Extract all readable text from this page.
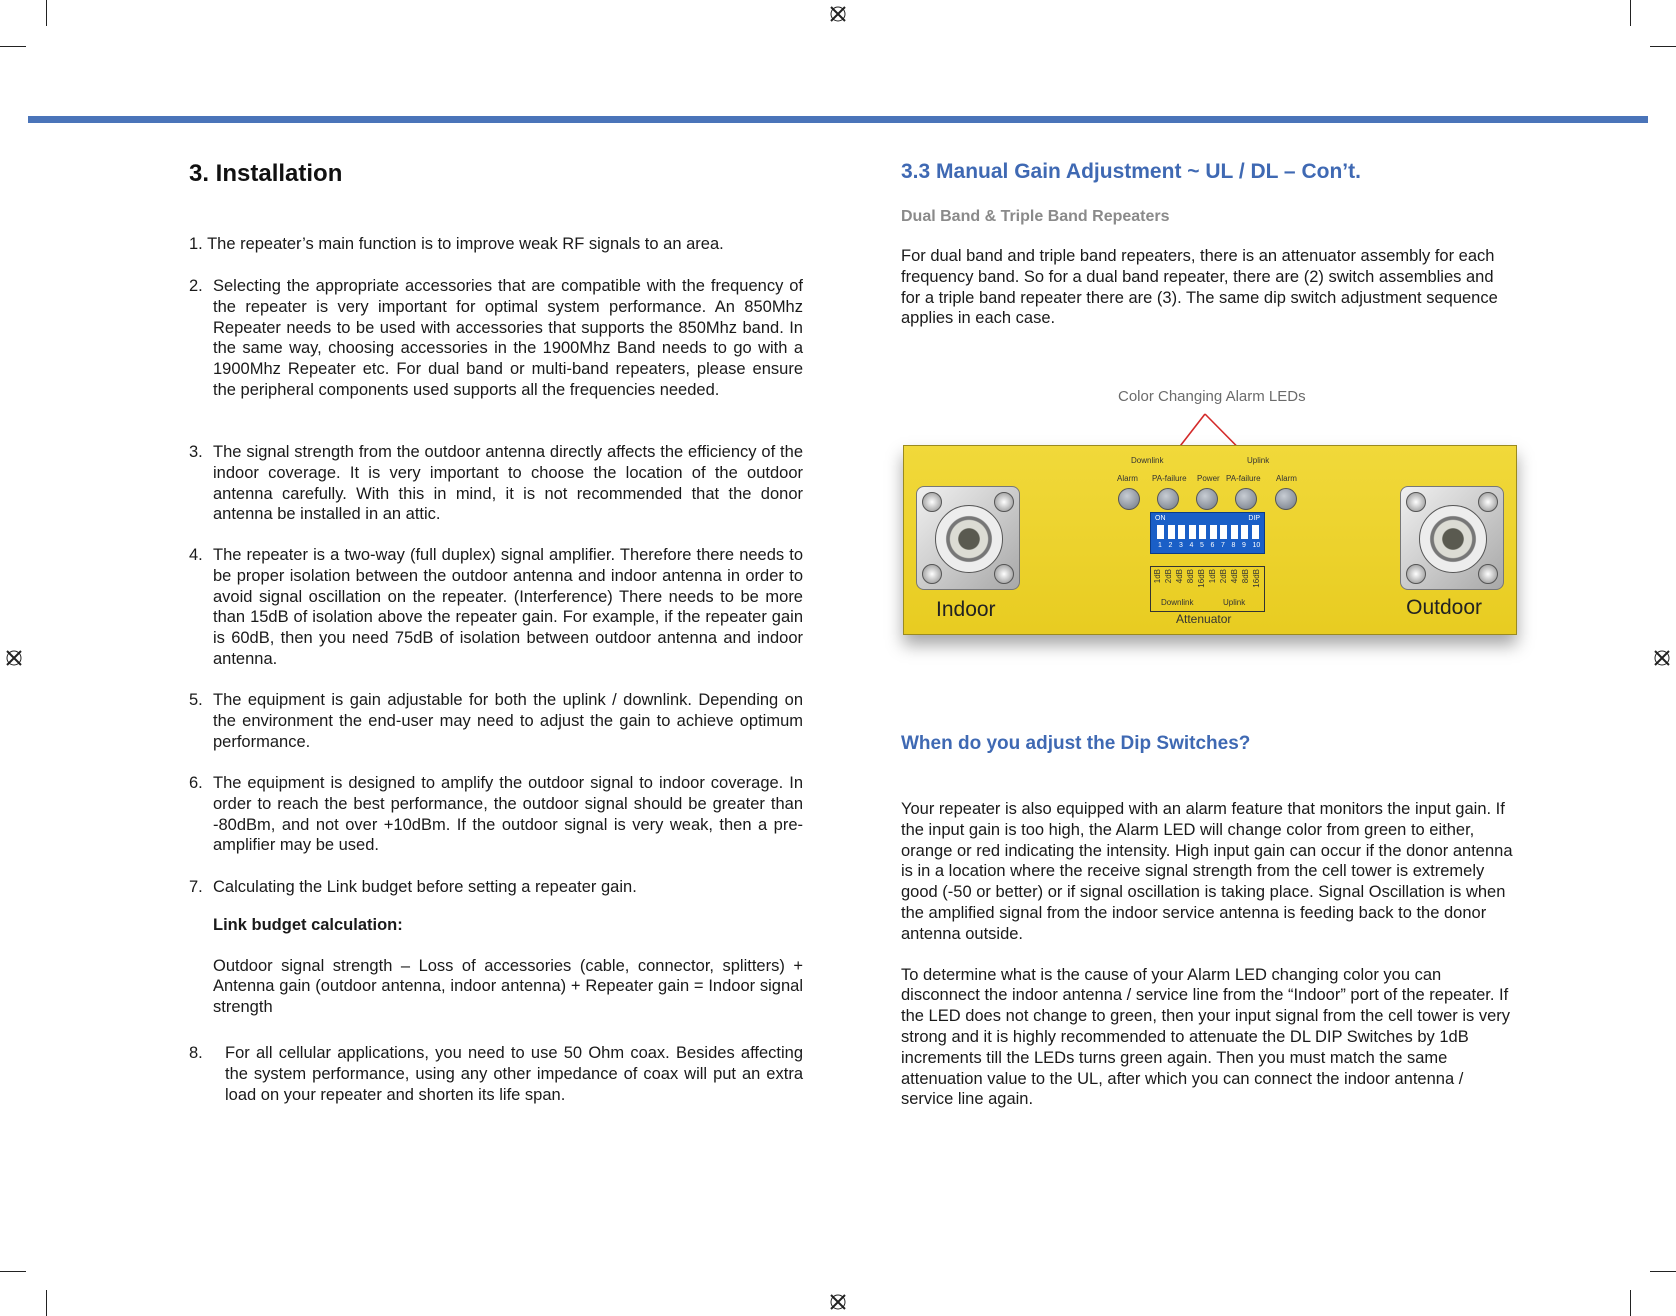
3. Installation

1. The repeater’s main function is to improve weak RF signals to an area.

2. Selecting the appropriate accessories that are compatible with the frequency of the repeater is very important for optimal system performance. An 850Mhz Repeater needs to be used with accessories that supports the 850Mhz band. In the same way, choosing accessories in the 1900Mhz Band needs to go with a 1900Mhz Repeater etc. For dual band or multi-band repeaters, please ensure the peripheral components used supports all the frequencies needed.

3. The signal strength from the outdoor antenna directly affects the efficiency of the indoor coverage. It is very important to choose the location of the outdoor antenna carefully. With this in mind, it is not recommended that the donor antenna be installed in an attic.

4. The repeater is a two-way (full duplex) signal amplifier. Therefore there needs to be proper isolation between the outdoor antenna and indoor antenna in order to avoid signal oscillation on the repeater. (Interference) There needs to be more than 15dB of isolation above the repeater gain. For example, if the repeater gain is 60dB, then you need 75dB of isolation between outdoor antenna and indoor antenna.

5. The equipment is gain adjustable for both the uplink / downlink. Depending on the environment the end-user may need to adjust the gain to achieve optimum performance.

6. The equipment is designed to amplify the outdoor signal to indoor coverage. In order to reach the best performance, the outdoor signal should be greater than -80dBm, and not over +10dBm. If the outdoor signal is very weak, then a pre-amplifier may be used.

7. Calculating the Link budget before setting a repeater gain.

Link budget calculation:

Outdoor signal strength – Loss of accessories (cable, connector, splitters) + Antenna gain (outdoor antenna, indoor antenna) + Repeater gain = Indoor signal strength

8. For all cellular applications, you need to use 50 Ohm coax. Besides affecting the system performance, using any other impedance of coax will put an extra load on your repeater and shorten its life span.

3.3 Manual Gain Adjustment ~ UL / DL – Con’t.
Dual Band & Triple Band Repeaters

For dual band and triple band repeaters, there is an attenuator assembly for each frequency band. So for a dual band repeater, there are (2) switch assemblies and for a triple band repeater there are (3). The same dip switch adjustment sequence applies in each case.

Color Changing Alarm LEDs
Downlink	Uplink
Alarm PA-failure Power PA-failure Alarm
ON	DIP
1 2 3 4 5 6 7 8 9 10
1dB 2dB 4dB 8dB 16dB 1dB 2dB 4dB 8dB 16dB
Downlink	Uplink
Attenuator
Indoor	Outdoor
When do you adjust the Dip Switches?

Your repeater is also equipped with an alarm feature that monitors the input gain. If the input gain is too high, the Alarm LED will change color from green to either, orange or red indicating the intensity. High input gain can occur if the donor antenna is in a location where the receive signal strength from the cell tower is extremely good (-50 or better) or if signal oscillation is taking place. Signal Oscillation is when the amplified signal from the indoor service antenna is feeding back to the donor antenna outside.

To determine what is the cause of your Alarm LED changing color you can disconnect the indoor antenna / service line from the “Indoor” port of the repeater. If the LED does not change to green, then your input signal from the cell tower is very strong and it is highly recommended to attenuate the DL DIP Switches by 1dB increments till the LEDs turns green again. Then you must match the same attenuation value to the UL, after which you can connect the indoor antenna / service line again.
